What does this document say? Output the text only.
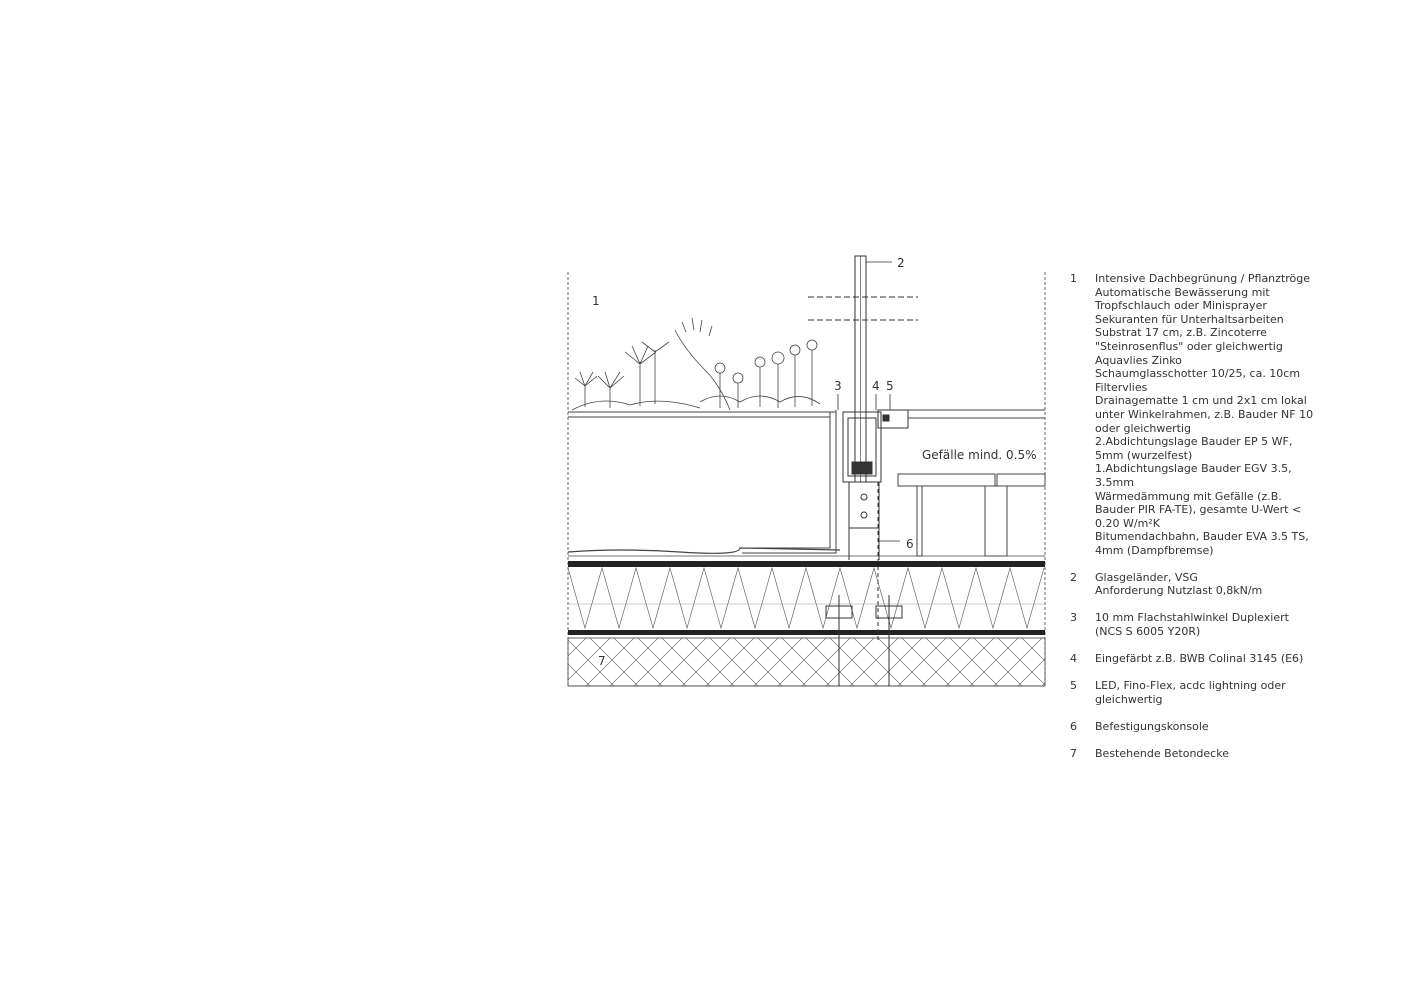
1
2
3	4 5
6
7
Gefälle mind. 0.5%
1	Intensive Dachbegrünung / Pflanztröge
Automatische Bewässerung mit
Tropfschlauch oder Minisprayer
Sekuranten für Unterhaltsarbeiten
Substrat 17 cm, z.B. Zincoterre
"Steinrosenflus" oder gleichwertig
Aquavlies Zinko
Schaumglasschotter 10/25, ca. 10cm
Filtervlies
Drainagematte 1 cm und 2x1 cm lokal
unter Winkelrahmen, z.B. Bauder NF 10
oder gleichwertig
2.Abdichtungslage Bauder EP 5 WF,
5mm (wurzelfest)
1.Abdichtungslage Bauder EGV 3.5,
3.5mm
Wärmedämmung mit Gefälle (z.B.
Bauder PIR FA-TE), gesamte U-Wert <
0.20 W/m²K
Bitumendachbahn, Bauder EVA 3.5 TS,
4mm (Dampfbremse)
2	Glasgeländer, VSG
Anforderung Nutzlast 0,8kN/m
3	10 mm Flachstahlwinkel Duplexiert
(NCS S 6005 Y20R)
4	Eingefärbt z.B. BWB Colinal 3145 (E6)
5	LED, Fino-Flex, acdc lightning oder
gleichwertig
6	Befestigungskonsole
7	Bestehende Betondecke
